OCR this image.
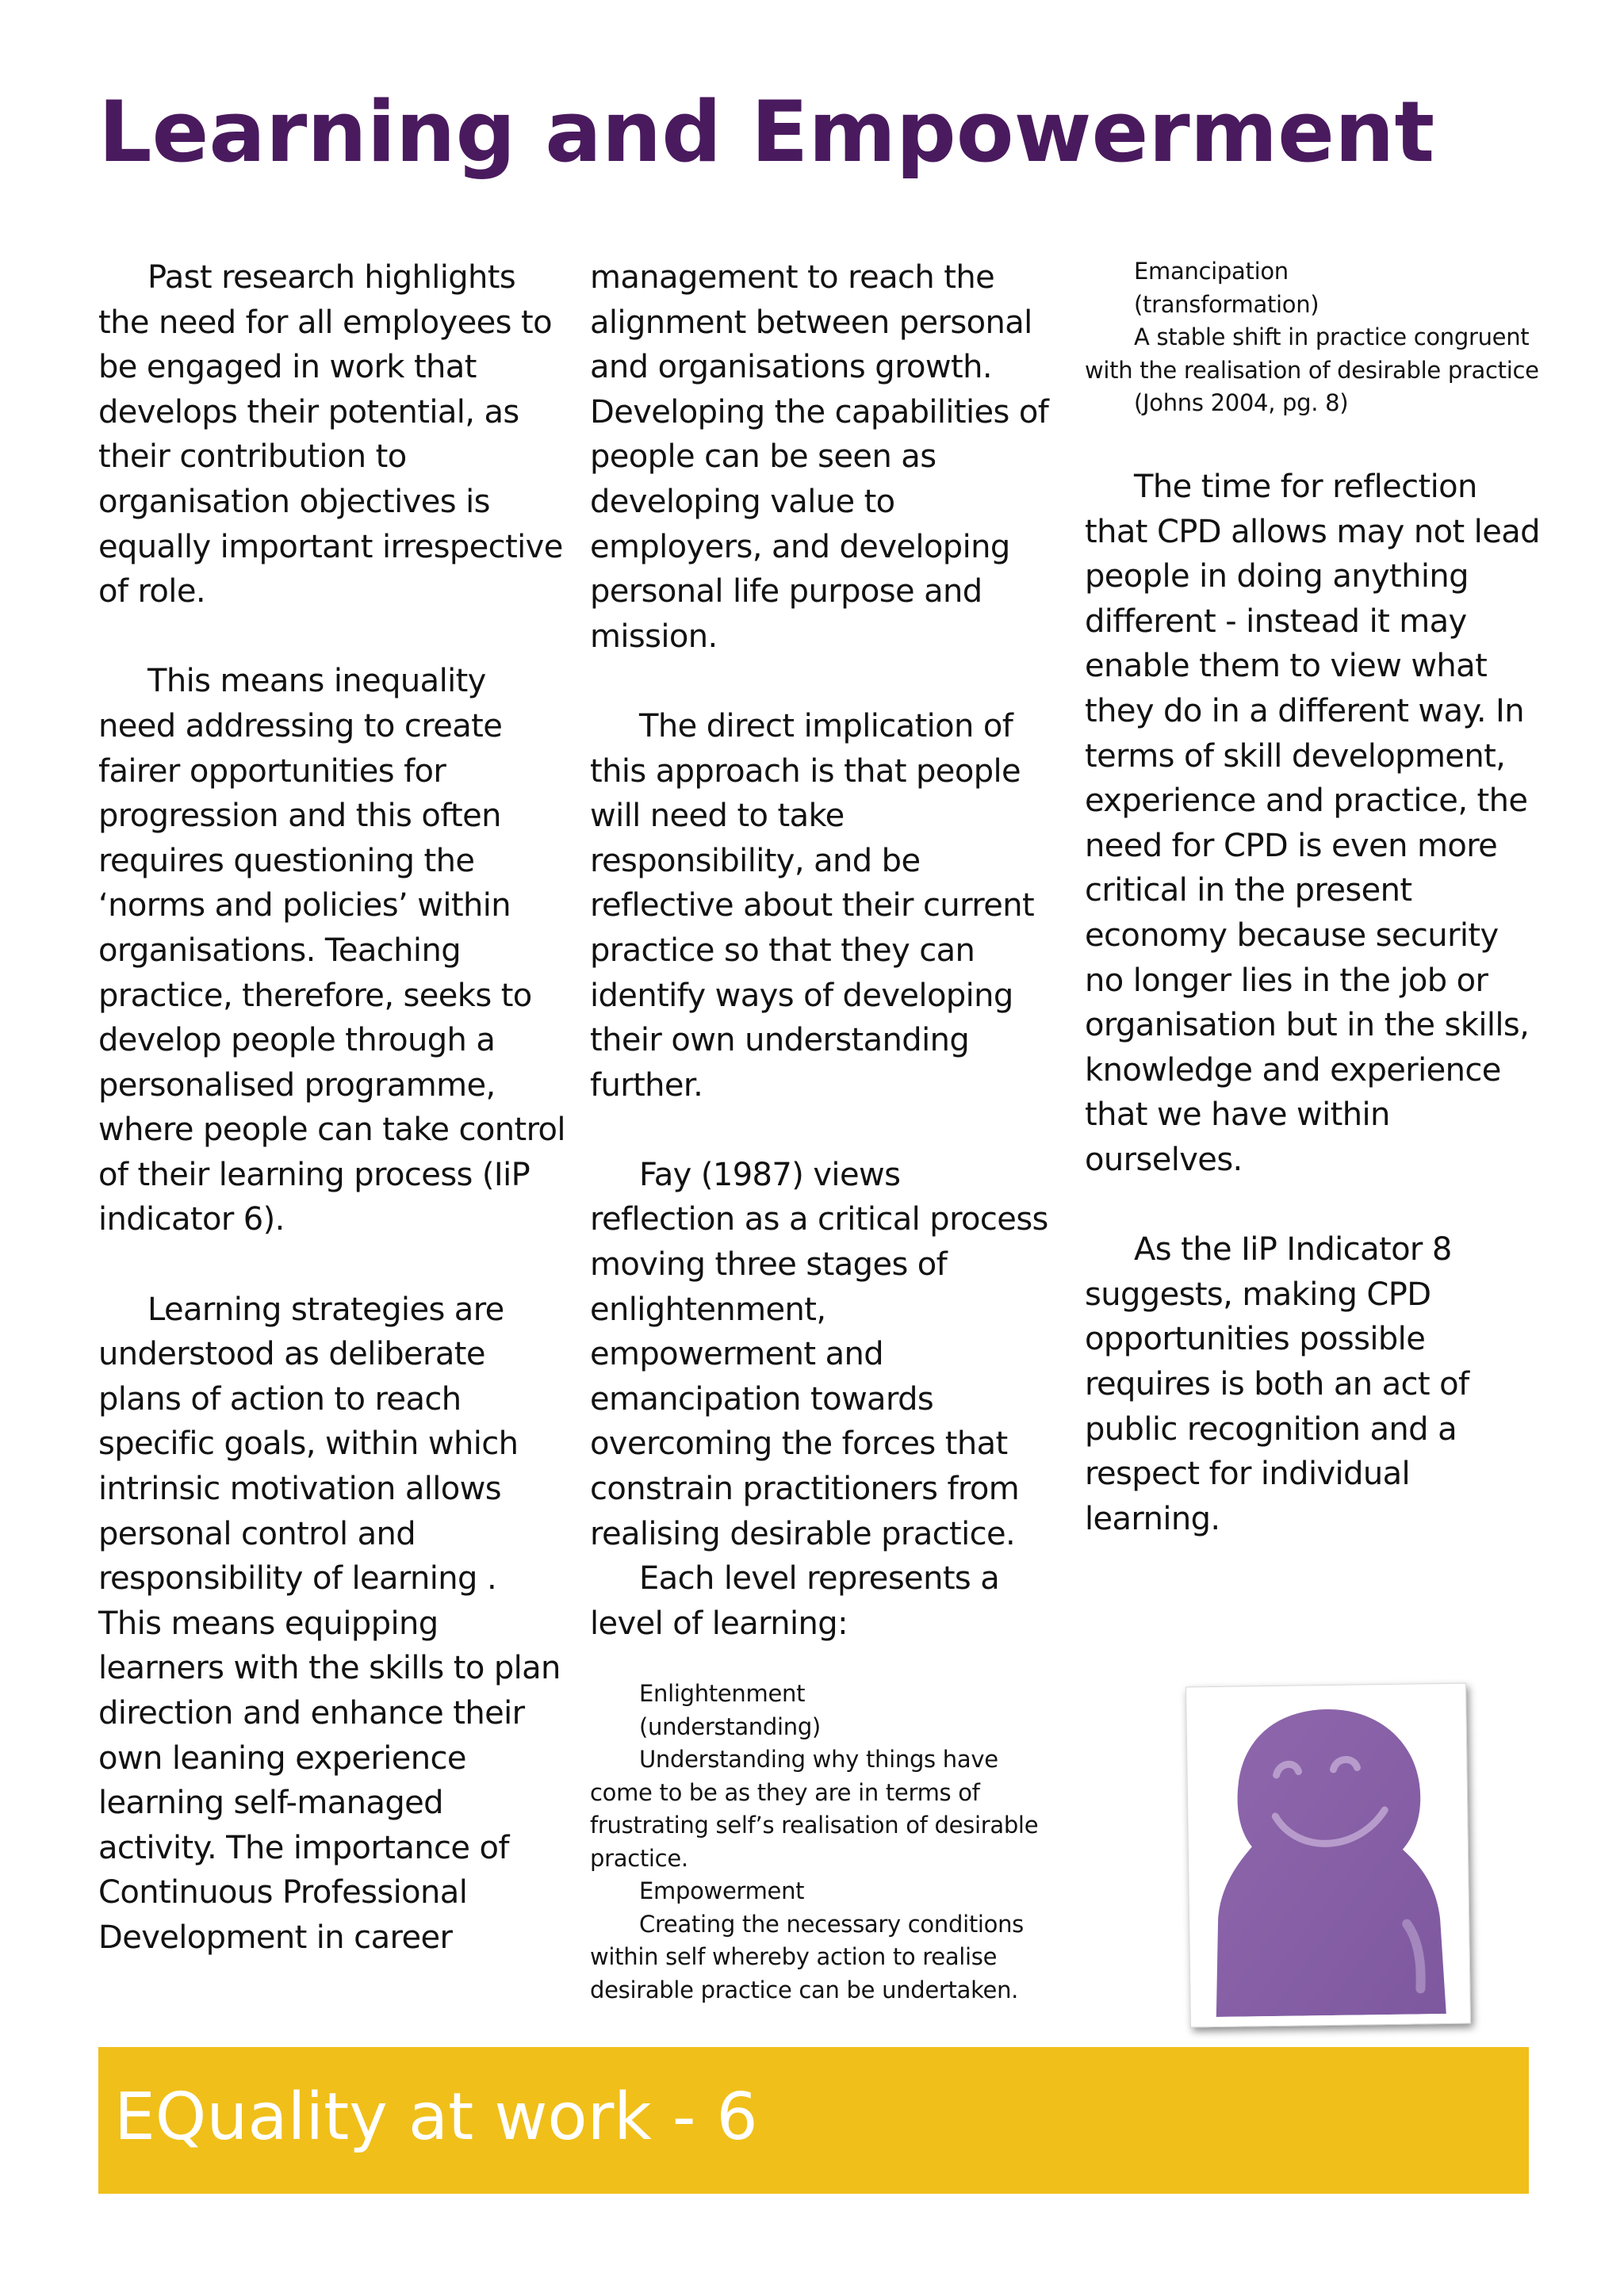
Learning and Empowerment

Past research highlights the need for all employees to be engaged in work that develops their potential, as their contribution to organisation objectives is equally important irrespective of role.

This means inequality need addressing to create fairer opportunities for progression and this often requires questioning the ‘norms and policies’ within organisations. Teaching practice, therefore, seeks to develop people through a personalised programme, where people can take control of their learning process (IiP indicator 6).

Learning strategies are understood as deliberate plans of action to reach specific goals, within which intrinsic motivation allows personal control and responsibility of learning . This means equipping learners with the skills to plan direction and enhance their own leaning experience learning self-managed activity. The importance of Continuous Professional Development in career

management to reach the alignment between personal and organisations growth. Developing the capabilities of people can be seen as developing value to employers, and developing personal life purpose and mission.

The direct implication of this approach is that people will need to take responsibility, and be reflective about their current practice so that they can identify ways of developing their own understanding further.

Fay (1987) views reflection as a critical process moving three stages of enlightenment, empowerment and emancipation towards overcoming the forces that constrain practitioners from realising desirable practice.

Each level represents a level of learning:

Enlightenment

(understanding)

Understanding why things have come to be as they are in terms of frustrating self’s realisation of desirable practice.

Empowerment

Creating the necessary conditions within self whereby action to realise desirable practice can be undertaken.

Emancipation

(transformation)

A stable shift in practice congruent with the realisation of desirable practice

(Johns 2004, pg. 8)

The time for reflection that CPD allows may not lead people in doing anything different - instead it may enable them to view what they do in a different way. In terms of skill development, experience and practice, the need for CPD is even more critical in the present economy because security no longer lies in the job or organisation but in the skills, knowledge and experience that we have within ourselves.

As the IiP Indicator 8 suggests, making CPD opportunities possible requires is both an act of public recognition and a respect for individual learning.

EQuality at work - 6
